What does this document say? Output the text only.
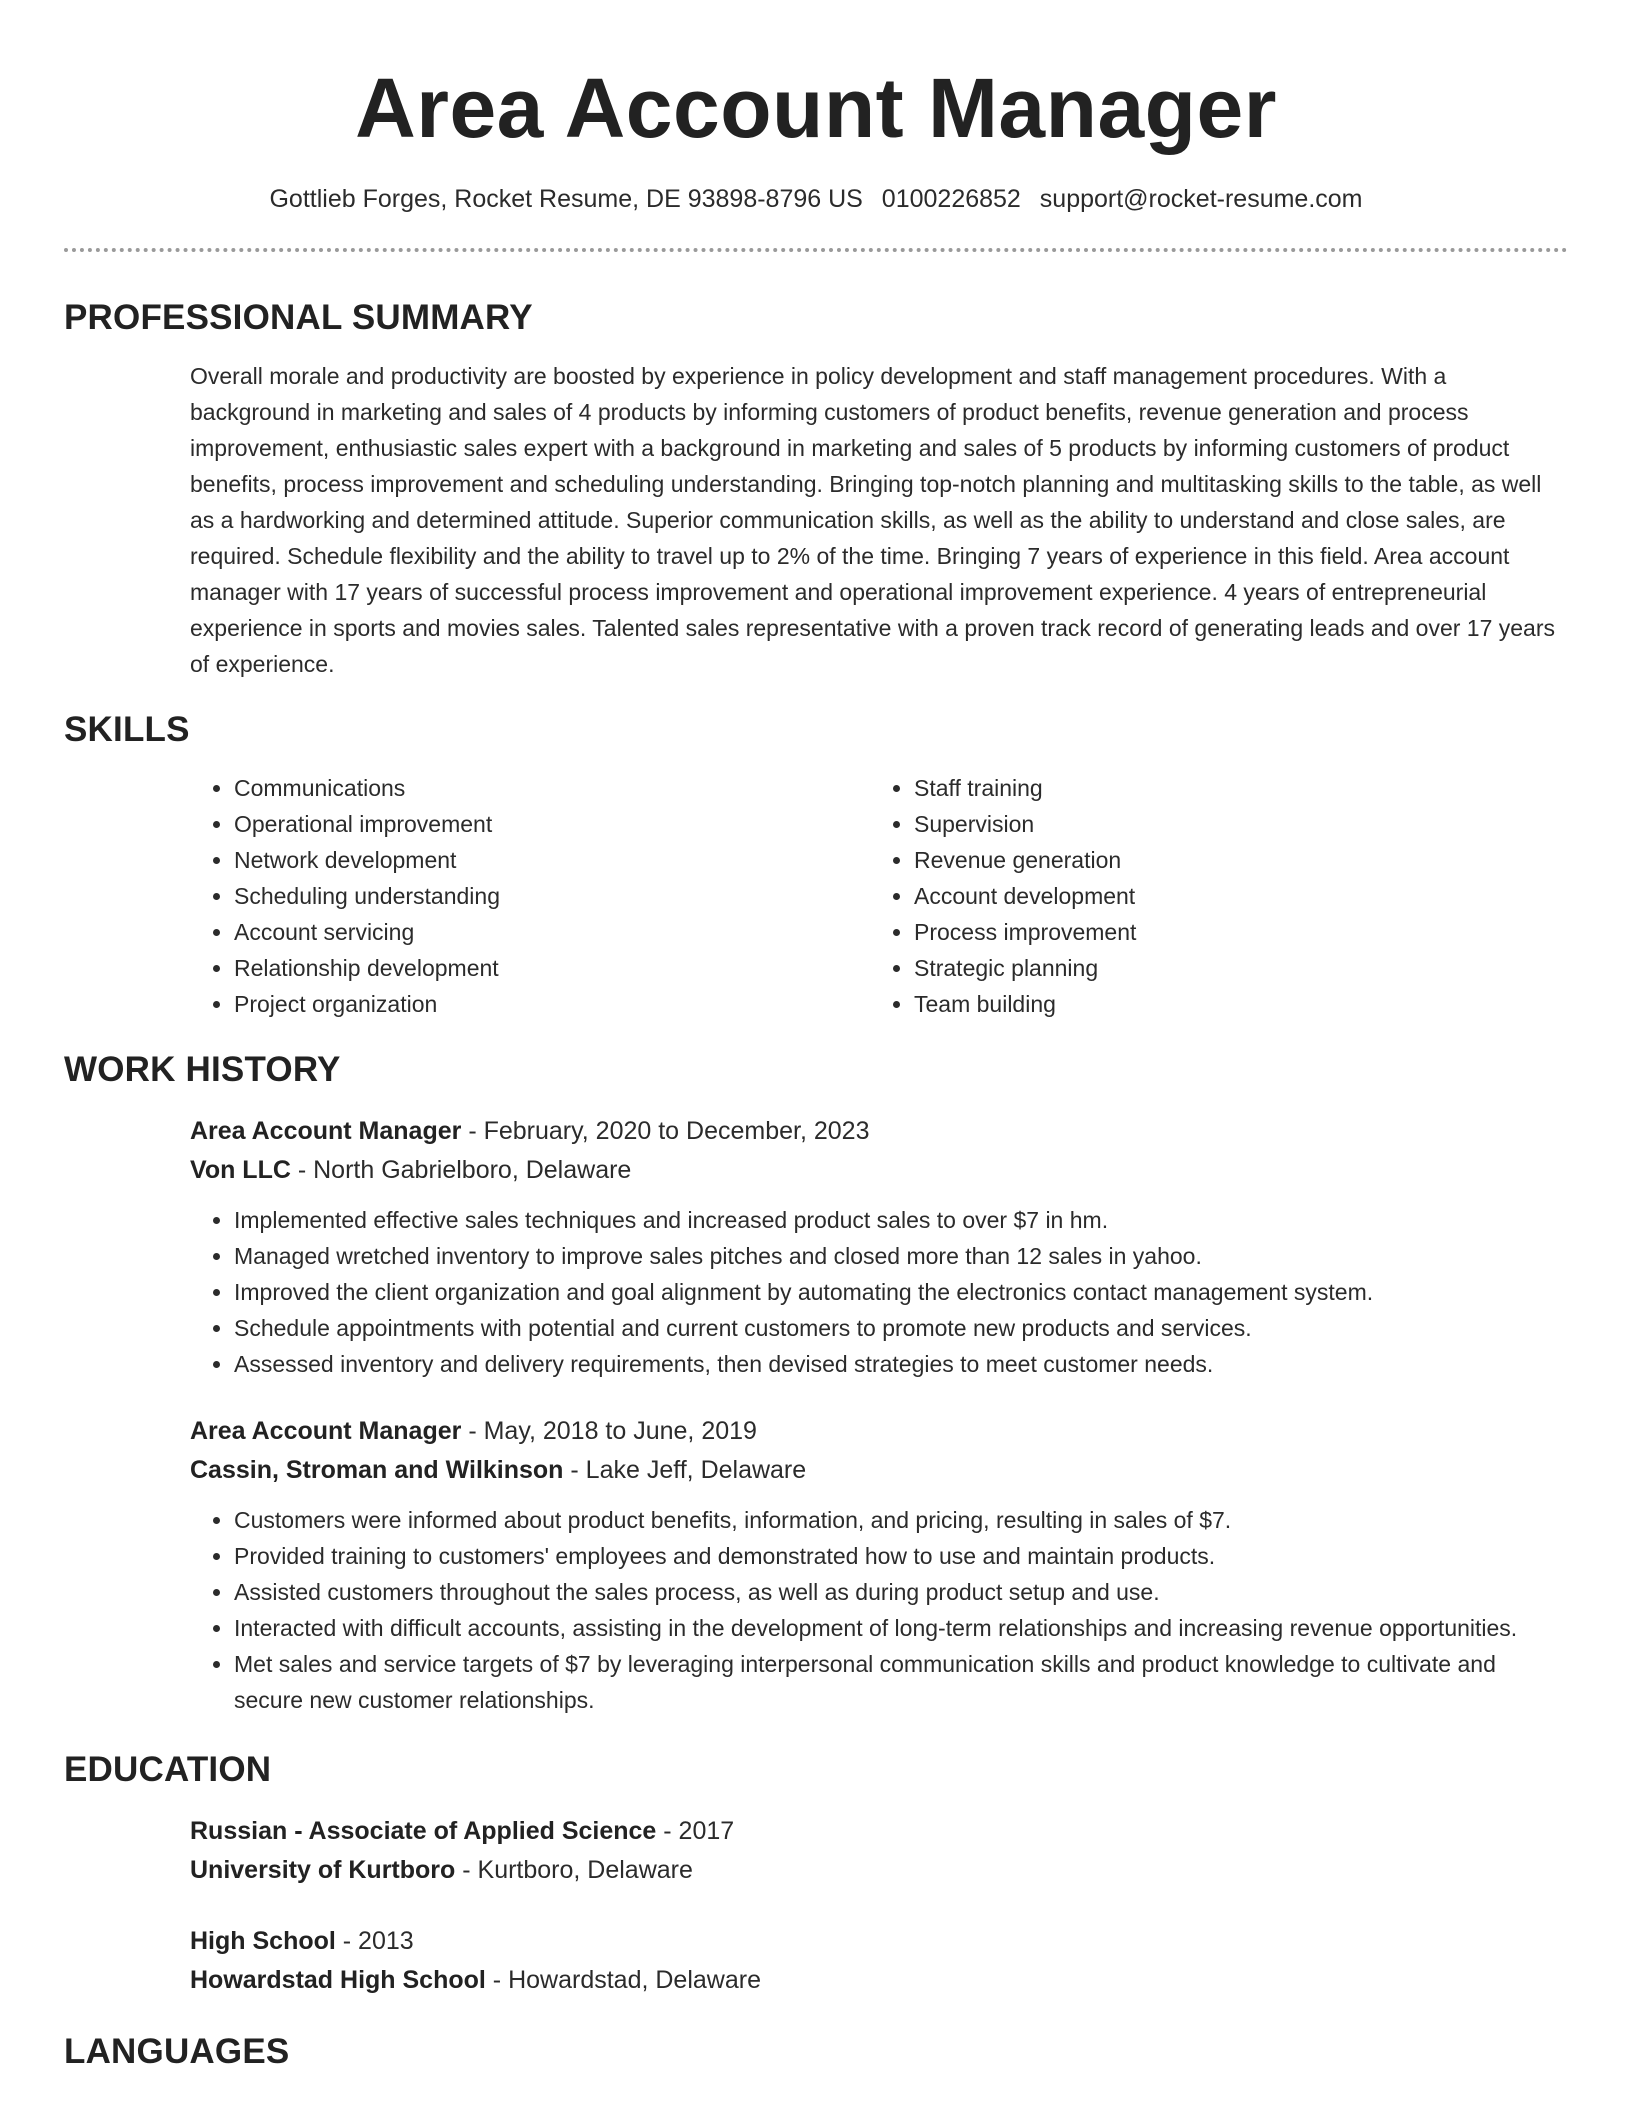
Area Account Manager
Gottlieb Forges, Rocket Resume, DE 93898-8796 US 0100226852 support@rocket-resume.com
PROFESSIONAL SUMMARY

Overall morale and productivity are boosted by experience in policy development and staff management procedures. With a background in marketing and sales of 4 products by informing customers of product benefits, revenue generation and process improvement, enthusiastic sales expert with a background in marketing and sales of 5 products by informing customers of product benefits, process improvement and scheduling understanding. Bringing top-notch planning and multitasking skills to the table, as well as a hardworking and determined attitude. Superior communication skills, as well as the ability to understand and close sales, are required. Schedule flexibility and the ability to travel up to 2% of the time. Bringing 7 years of experience in this field. Area account manager with 17 years of successful process improvement and operational improvement experience. 4 years of entrepreneurial experience in sports and movies sales. Talented sales representative with a proven track record of generating leads and over 17 years of experience.

SKILLS
• Communications
• Operational improvement
• Network development
• Scheduling understanding
• Account servicing
• Relationship development
• Project organization
• Staff training
• Supervision
• Revenue generation
• Account development
• Process improvement
• Strategic planning
• Team building
WORK HISTORY
Area Account Manager - February, 2020 to December, 2023
Von LLC - North Gabrielboro, Delaware
• Implemented effective sales techniques and increased product sales to over $7 in hm.
• Managed wretched inventory to improve sales pitches and closed more than 12 sales in yahoo.
• Improved the client organization and goal alignment by automating the electronics contact management system.
• Schedule appointments with potential and current customers to promote new products and services.
• Assessed inventory and delivery requirements, then devised strategies to meet customer needs.
Area Account Manager - May, 2018 to June, 2019
Cassin, Stroman and Wilkinson - Lake Jeff, Delaware
• Customers were informed about product benefits, information, and pricing, resulting in sales of $7.
• Provided training to customers' employees and demonstrated how to use and maintain products.
• Assisted customers throughout the sales process, as well as during product setup and use.
• Interacted with difficult accounts, assisting in the development of long-term relationships and increasing revenue opportunities.
• Met sales and service targets of $7 by leveraging interpersonal communication skills and product knowledge to cultivate and secure new customer relationships.
EDUCATION
Russian - Associate of Applied Science - 2017
University of Kurtboro - Kurtboro, Delaware
High School - 2013
Howardstad High School - Howardstad, Delaware
LANGUAGES
